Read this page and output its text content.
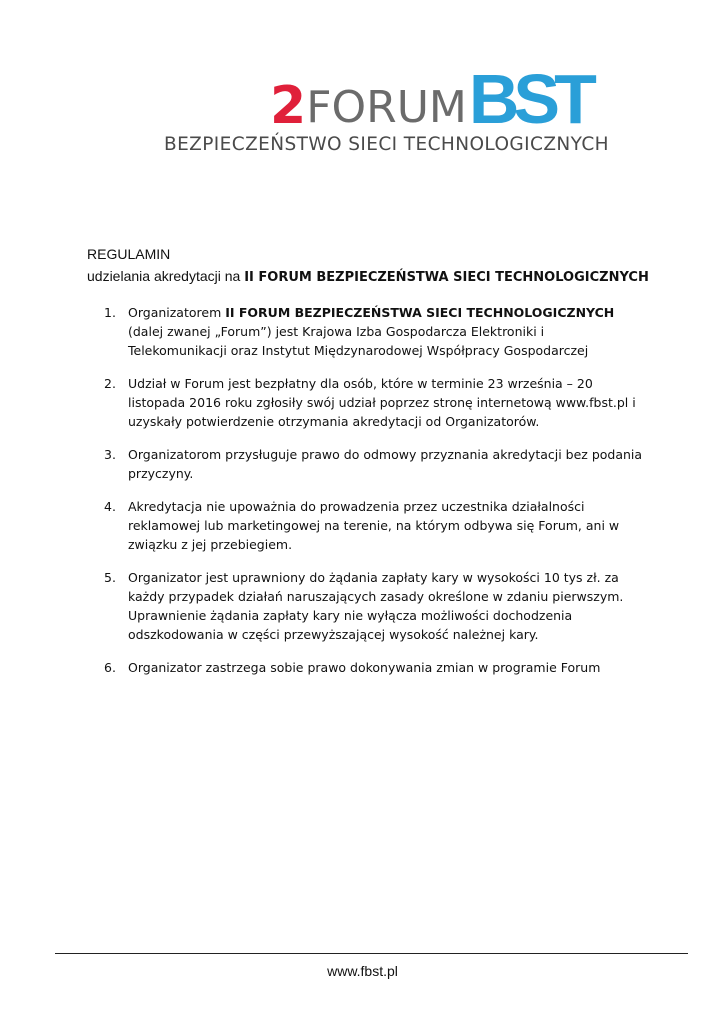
2 FORUM BST
BEZPIECZEŃSTWO SIECI TECHNOLOGICZNYCH
REGULAMIN
udzielania akredytacji na II FORUM BEZPIECZEŃSTWA SIECI TECHNOLOGICZNYCH
1. Organizatorem II FORUM BEZPIECZEŃSTWA SIECI TECHNOLOGICZNYCH (dalej zwanej „Forum”) jest Krajowa Izba Gospodarcza Elektroniki i Telekomunikacji oraz Instytut Międzynarodowej Współpracy Gospodarczej
2. Udział w Forum jest bezpłatny dla osób, które w terminie 23 września – 20 listopada 2016 roku zgłosiły swój udział poprzez stronę internetową www.fbst.pl i uzyskały potwierdzenie otrzymania akredytacji od Organizatorów.
3. Organizatorom przysługuje prawo do odmowy przyznania akredytacji bez podania przyczyny.
4. Akredytacja nie upoważnia do prowadzenia przez uczestnika działalności reklamowej lub marketingowej na terenie, na którym odbywa się Forum, ani w związku z jej przebiegiem.
5. Organizator jest uprawniony do żądania zapłaty kary w wysokości 10 tys zł. za każdy przypadek działań naruszających zasady określone w zdaniu pierwszym. Uprawnienie żądania zapłaty kary nie wyłącza możliwości dochodzenia odszkodowania w części przewyższającej wysokość należnej kary.
6. Organizator zastrzega sobie prawo dokonywania zmian w programie Forum
www.fbst.pl
